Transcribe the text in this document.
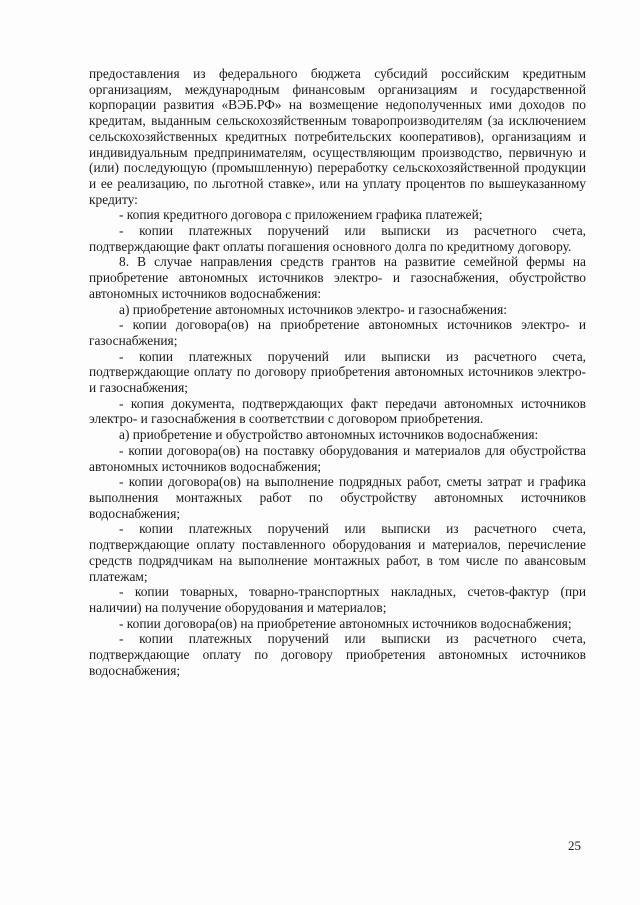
предоставления из федерального бюджета субсидий российским кредитным организациям, международным финансовым организациям и государственной корпорации развития «ВЭБ.РФ» на возмещение недополученных ими доходов по кредитам, выданным сельскохозяйственным товаропроизводителям (за исключением сельскохозяйственных кредитных потребительских кооперативов), организациям и индивидуальным предпринимателям, осуществляющим производство, первичную и (или) последующую (промышленную) переработку сельскохозяйственной продукции и ее реализацию, по льготной ставке», или на уплату процентов по вышеуказанному кредиту:

- копия кредитного договора с приложением графика платежей;

- копии платежных поручений или выписки из расчетного счета, подтверждающие факт оплаты погашения основного долга по кредитному договору.

8. В случае направления средств грантов на развитие семейной фермы на приобретение автономных источников электро- и газоснабжения, обустройство автономных источников водоснабжения:

а) приобретение автономных источников электро- и газоснабжения:

- копии договора(ов) на приобретение автономных источников электро- и газоснабжения;

- копии платежных поручений или выписки из расчетного счета, подтверждающие оплату по договору приобретения автономных источников электро- и газоснабжения;

- копия документа, подтверждающих факт передачи автономных источников электро- и газоснабжения в соответствии с договором приобретения.

а) приобретение и обустройство автономных источников водоснабжения:

- копии договора(ов) на поставку оборудования и материалов для обустройства автономных источников водоснабжения;

- копии договора(ов) на выполнение подрядных работ, сметы затрат и графика выполнения монтажных работ по обустройству автономных источников водоснабжения;

- копии платежных поручений или выписки из расчетного счета, подтверждающие оплату поставленного оборудования и материалов, перечисление средств подрядчикам на выполнение монтажных работ, в том числе по авансовым платежам;

- копии товарных, товарно-транспортных накладных, счетов-фактур (при наличии) на получение оборудования и материалов;

- копии договора(ов) на приобретение автономных источников водоснабжения;

- копии платежных поручений или выписки из расчетного счета, подтверждающие оплату по договору приобретения автономных источников водоснабжения;

25
